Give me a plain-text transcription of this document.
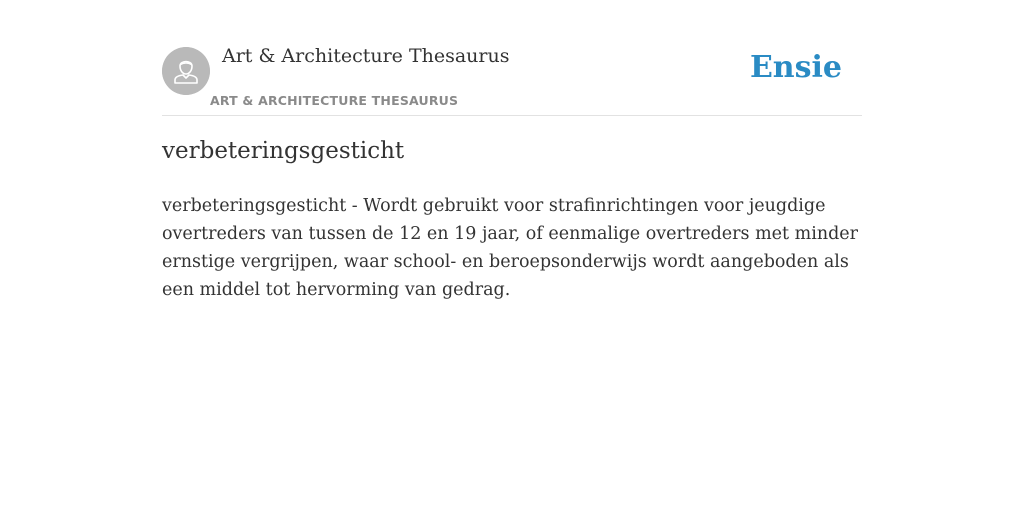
Art & Architecture Thesaurus
ART & ARCHITECTURE THESAURUS
Ensie
verbeteringsgesticht

verbeteringsgesticht - Wordt gebruikt voor strafinrichtingen voor jeugdige overtreders van tussen de 12 en 19 jaar, of eenmalige overtreders met minder ernstige vergrijpen, waar school- en beroepsonderwijs wordt aangeboden als een middel tot hervorming van gedrag.
